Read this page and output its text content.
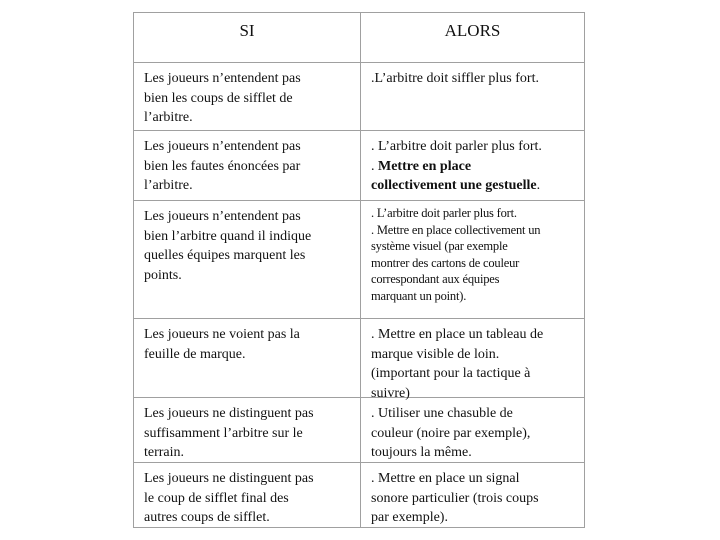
SI	ALORS
Les joueurs n’entendent pas
bien les coups de sifflet de
l’arbitre.
.L’arbitre doit siffler plus fort.
Les joueurs n’entendent pas
bien les fautes énoncées par
l’arbitre.
. L’arbitre doit parler plus fort.
. Mettre en place
collectivement une gestuelle.
Les joueurs n’entendent pas
bien l’arbitre quand il indique
quelles équipes marquent les
points.
. L’arbitre doit parler plus fort.
. Mettre en place collectivement un
système visuel (par exemple
montrer des cartons de couleur
correspondant aux équipes
marquant un point).
Les joueurs ne voient pas la
feuille de marque.
. Mettre en place un tableau de
marque visible de loin.
(important pour la tactique à
suivre)
Les joueurs ne distinguent pas
suffisamment l’arbitre sur le
terrain.
. Utiliser une chasuble de
couleur (noire par exemple),
toujours la même.
Les joueurs ne distinguent pas
le coup de sifflet final des
autres coups de sifflet.
. Mettre en place un signal
sonore particulier (trois coups
par exemple).
